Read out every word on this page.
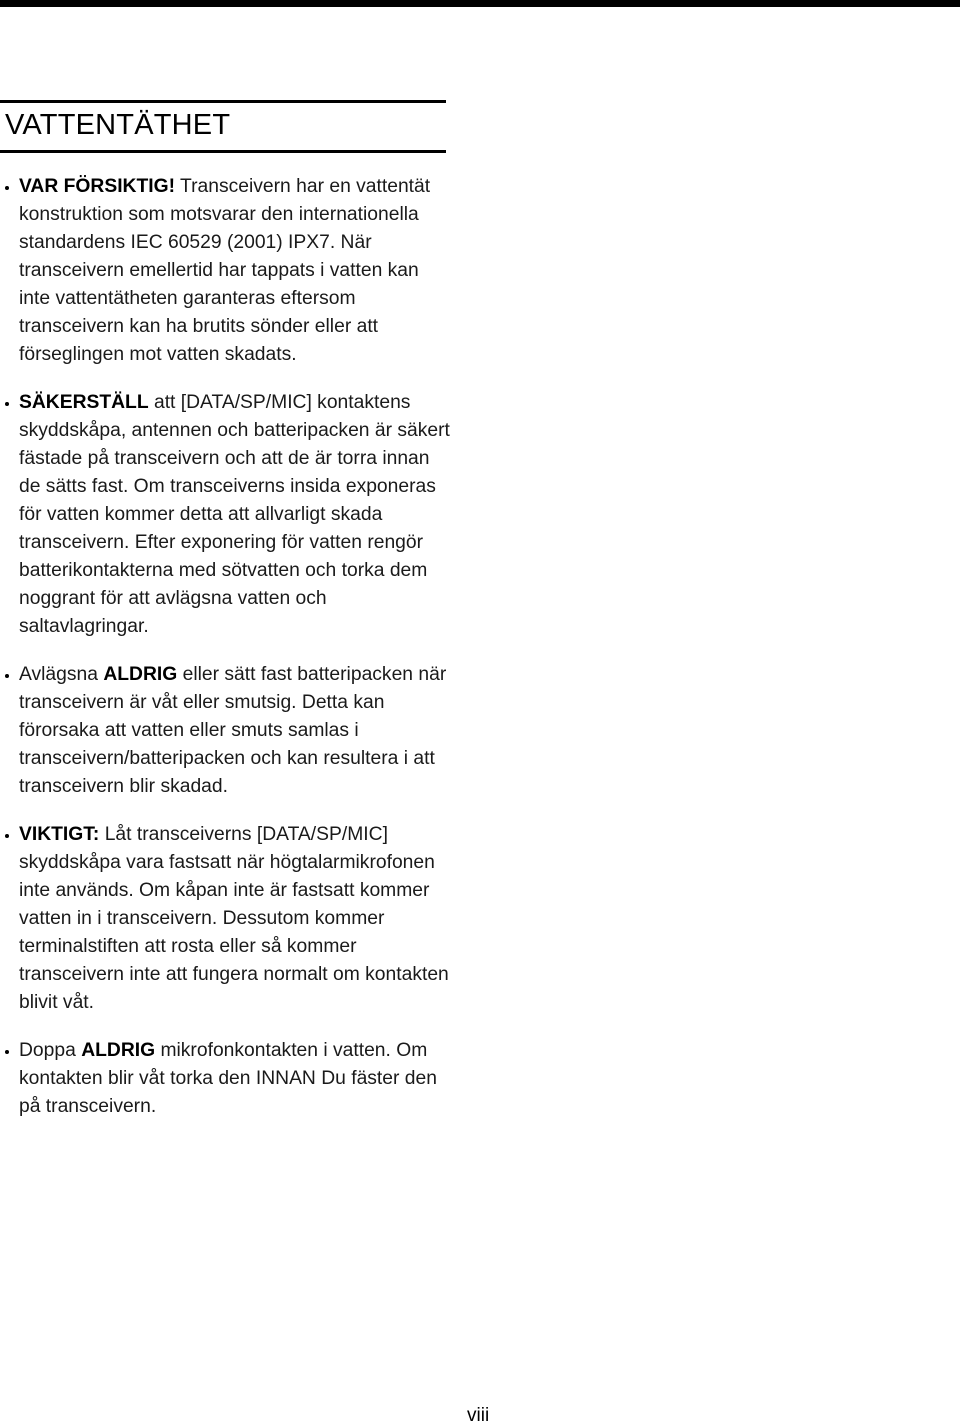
VATTENTÄTHET
VAR FÖRSIKTIG! Transceivern har en vattentät konstruktion som motsvarar den internationella standardens IEC 60529 (2001) IPX7. När transceivern emellertid har tappats i vatten kan inte vattentätheten garanteras eftersom transceivern kan ha brutits sönder eller att förseglingen mot vatten skadats.
SÄKERSTÄLL att [DATA/SP/MIC] kontaktens skyddskåpa, antennen och batteripacken är säkert fästade på transceivern och att de är torra innan de sätts fast. Om transceiverns insida exponeras för vatten kommer detta att allvarligt skada transceivern. Efter exponering för vatten rengör batterikontakterna med sötvatten och torka dem noggrant för att avlägsna vatten och saltavlagringar.
Avlägsna ALDRIG eller sätt fast batteripacken när transceivern är våt eller smutsig. Detta kan förorsaka att vatten eller smuts samlas i transceivern/batteripacken och kan resultera i att transceivern blir skadad.
VIKTIGT: Låt transceiverns [DATA/SP/MIC] skyddskåpa vara fastsatt när högtalarmikrofonen inte används. Om kåpan inte är fastsatt kommer vatten in i transceivern. Dessutom kommer terminalstiften att rosta eller så kommer transceivern inte att fungera normalt om kontakten blivit våt.
Doppa ALDRIG mikrofonkontakten i vatten. Om kontakten blir våt torka den INNAN Du fäster den på transceivern.
viii
